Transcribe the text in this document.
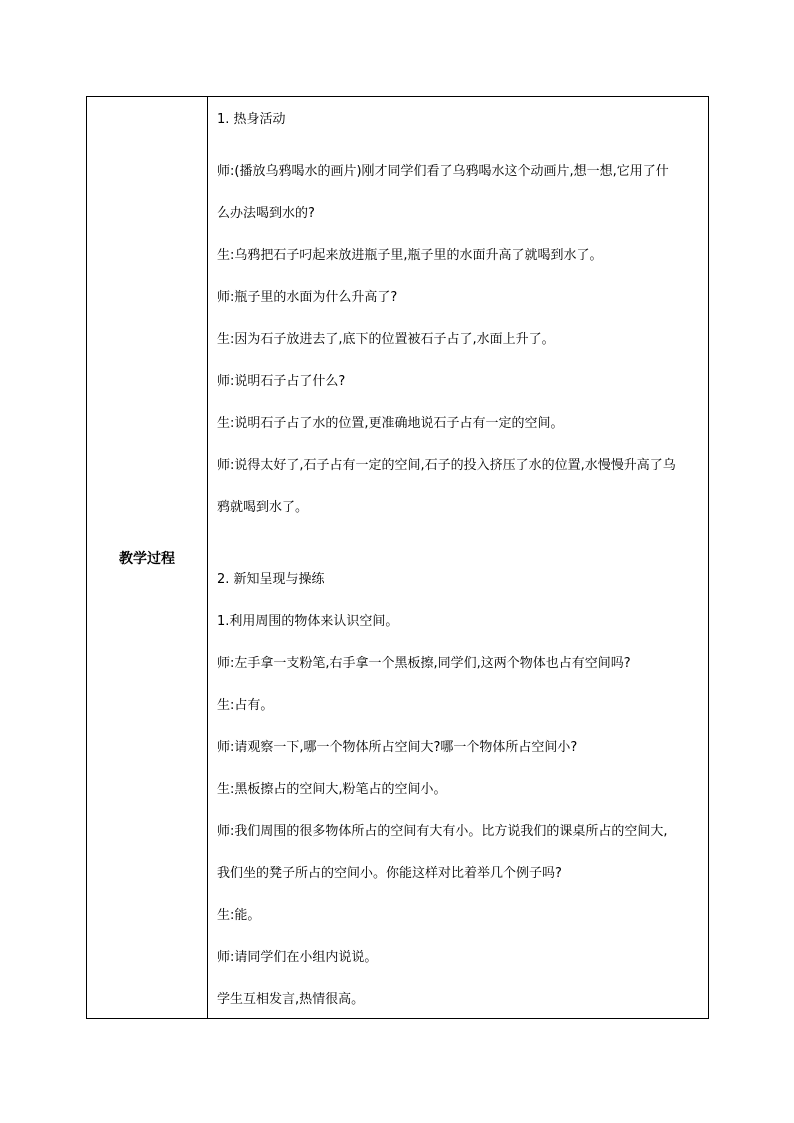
教学过程
1. 热身活动
师:(播放乌鸦喝水的画片)刚才同学们看了乌鸦喝水这个动画片,想一想,它用了什
么办法喝到水的?
生:乌鸦把石子叼起来放进瓶子里,瓶子里的水面升高了就喝到水了。
师:瓶子里的水面为什么升高了?
生:因为石子放进去了,底下的位置被石子占了,水面上升了。
师:说明石子占了什么?
生:说明石子占了水的位置,更准确地说石子占有一定的空间。
师:说得太好了,石子占有一定的空间,石子的投入挤压了水的位置,水慢慢升高了乌
鸦就喝到水了。
2. 新知呈现与操练
1.利用周围的物体来认识空间。
师:左手拿一支粉笔,右手拿一个黑板擦,同学们,这两个物体也占有空间吗?
生:占有。
师:请观察一下,哪一个物体所占空间大?哪一个物体所占空间小?
生:黑板擦占的空间大,粉笔占的空间小。
师:我们周围的很多物体所占的空间有大有小。比方说我们的课桌所占的空间大,
我们坐的凳子所占的空间小。你能这样对比着举几个例子吗?
生:能。
师:请同学们在小组内说说。
学生互相发言,热情很高。
